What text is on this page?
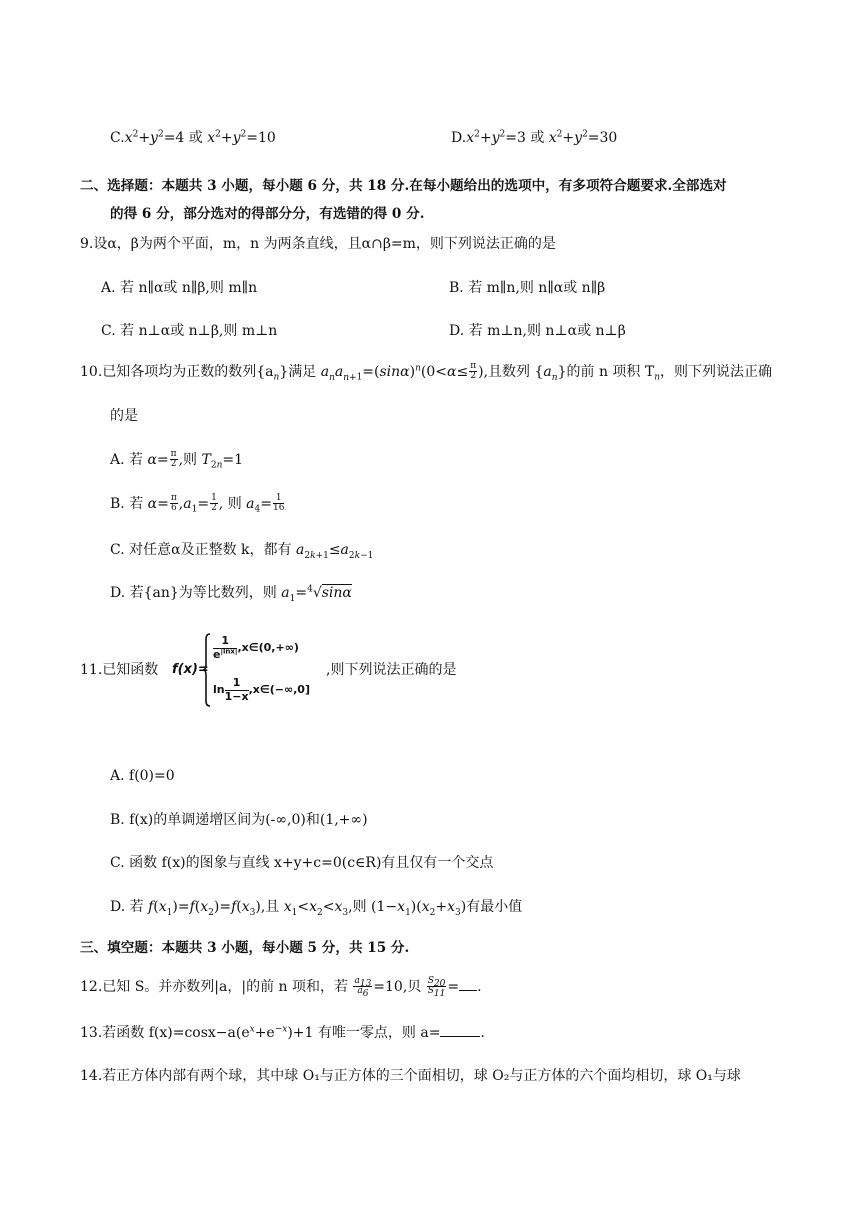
$C.x^2+y^2=4$ 或 $x^2+y^2=10$	$D.x^2+y^2=3$ 或 $x^2+y^2=30$
二、选择题：本题共 3 小题，每小题 6 分，共 18 分.在每小题给出的选项中，有多项符合题要求.全部选对
的得 6 分，部分选对的得部分分，有选错的得 0 分.
9.设α，β为两个平面，m，n 为两条直线，且α∩β=m，则下列说法正确的是
A. 若 n∥α或 n∥β,则 m∥n	B. 若 m∥n,则 n∥α或 n∥β
C. 若 n⊥α或 n⊥β,则 m⊥n	D. 若 m⊥n,则 n⊥α或 n⊥β
10.已知各项均为正数的数列$\{a_n\}$满足 $a_na_{n+1}=(\sin\alpha)^n(0<\alpha\le \frac{\pi}{2}$ ),且数列 $\{a_n\}$的前 n 项积 $T_n$，则下列说法正确
的是
A. 若 $\alpha= \frac{\pi}{2}$ ,则 $T_{2n}=1$
B. 若 $\alpha= \frac{\pi}{6} ,a_1= \frac{1}{2}$ , 则 $a_4= \frac{1}{16}$
C. 对任意α及正整数 k，都有 $a_{2k+1}\le a_{2k-1}$
D. 若{an}为等比数列，则 $a_1=^4√\sin\alpha$
11.已知函数 f(x)=
$\frac{1}{e^{|lnx|}}$ ,x∈(0,+∞)
$\ln \frac{1}{1-x}$ ,x∈(−∞,0]
,则下列说法正确的是
A. f(0)=0
B. f(x)的单调递增区间为(-∞,0)和(1,+∞)
C. 函数 f(x)的图象与直线 x+y+c=0(c∈R)有且仅有一个交点
D. 若 $f(x_1)=f(x_2)=f(x_3)$,且 $x_1<x_2<x_3$,则 $(1-x_1)(x_2+x_3)$有最小值
三、填空题：本题共 3 小题，每小题 5 分，共 15 分.
12.已知 S。并亦数列|a，|的前 n 项和，若 $\frac{a_{13}}{a_6} =10$,贝 $\frac{S_{20}}{S_{11}}$ = .
13.若函数 $f(x)=\cos x-a(e^x+e^{-x})+1$ 有唯一零点，则 a=	.
14.若正方体内部有两个球，其中球 O₁与正方体的三个面相切，球 O₂与正方体的六个面均相切，球 O₁与球
